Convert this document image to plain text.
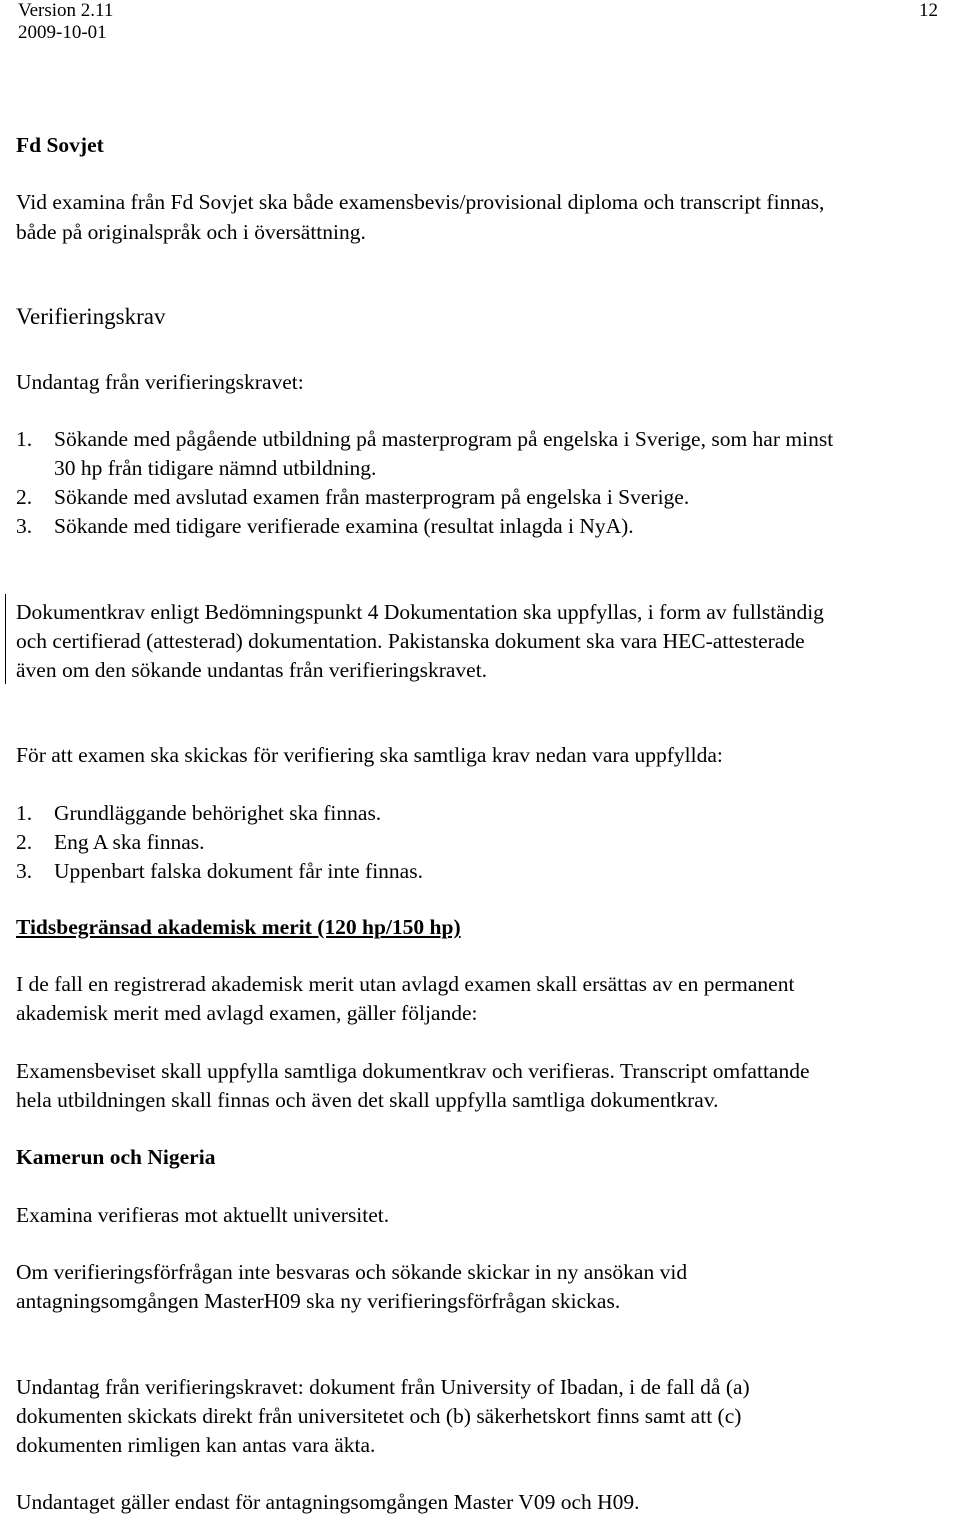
Version 2.11
2009-10-01
12

Fd Sovjet

Vid examina från Fd Sovjet ska både examensbevis/provisional diploma och transcript finnas,

både på originalspråk och i översättning.

Verifieringskrav

Undantag från verifieringskravet:

1. Sökande med pågående utbildning på masterprogram på engelska i Sverige, som har minst
30 hp från tidigare nämnd utbildning.
2. Sökande med avslutad examen från masterprogram på engelska i Sverige.
3. Sökande med tidigare verifierade examina (resultat inlagda i NyA).

Dokumentkrav enligt Bedömningspunkt 4 Dokumentation ska uppfyllas, i form av fullständig

och certifierad (attesterad) dokumentation. Pakistanska dokument ska vara HEC-attesterade

även om den sökande undantas från verifieringskravet.

För att examen ska skickas för verifiering ska samtliga krav nedan vara uppfyllda:

1. Grundläggande behörighet ska finnas.
2. Eng A ska finnas.
3. Uppenbart falska dokument får inte finnas.

Tidsbegränsad akademisk merit (120 hp/150 hp)

I de fall en registrerad akademisk merit utan avlagd examen skall ersättas av en permanent

akademisk merit med avlagd examen, gäller följande:

Examensbeviset skall uppfylla samtliga dokumentkrav och verifieras. Transcript omfattande

hela utbildningen skall finnas och även det skall uppfylla samtliga dokumentkrav.

Kamerun och Nigeria

Examina verifieras mot aktuellt universitet.

Om verifieringsförfrågan inte besvaras och sökande skickar in ny ansökan vid

antagningsomgången MasterH09 ska ny verifieringsförfrågan skickas.

Undantag från verifieringskravet: dokument från University of Ibadan, i de fall då (a)

dokumenten skickats direkt från universitetet och (b) säkerhetskort finns samt att (c)

dokumenten rimligen kan antas vara äkta.

Undantaget gäller endast för antagningsomgången Master V09 och H09.
